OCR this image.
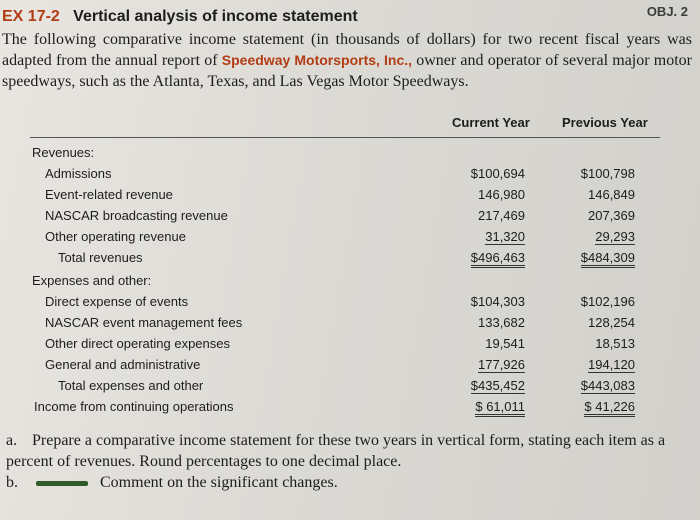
EX 17-2 Vertical analysis of income statement	OBJ. 2
The following comparative income statement (in thousands of dollars) for two recent fiscal years was adapted from the annual report of Speedway Motorsports, Inc., owner and operator of several major motor speedways, such as the Atlanta, Texas, and Las Vegas Motor Speedways.
Current Year Previous Year
Revenues:
Admissions	$100,694	$100,798
Event-related revenue	146,980	146,849
NASCAR broadcasting revenue	217,469	207,369
Other operating revenue	31,320	29,293
Total revenues	$496,463	$484,309
Expenses and other:
Direct expense of events	$104,303	$102,196
NASCAR event management fees	133,682	128,254
Other direct operating expenses	19,541	18,513
General and administrative	177,926	194,120
Total expenses and other	$435,452	$443,083
Income from continuing operations	$ 61,011	$ 41,226
a. Prepare a comparative income statement for these two years in vertical form, stating each item as a percent of revenues. Round percentages to one decimal place.
b.	Comment on the significant changes.
